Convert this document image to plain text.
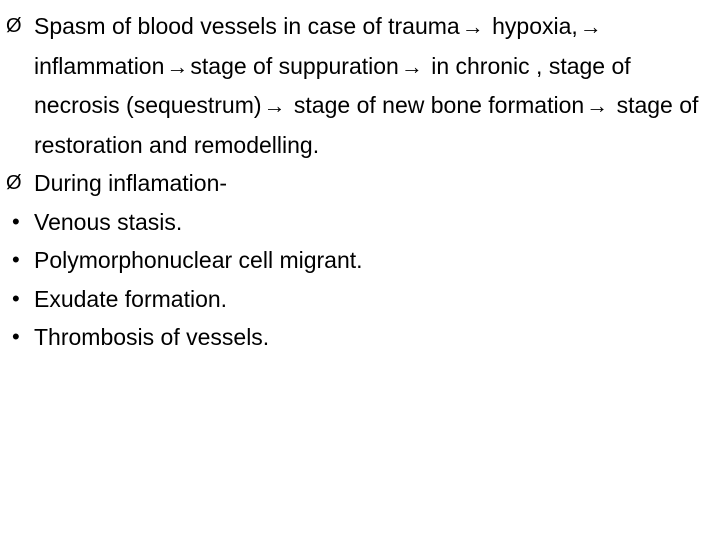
Ø Spasm of blood vessels in case of trauma→ hypoxia,→ inflammation→stage of suppuration→ in chronic , stage of necrosis (sequestrum)→ stage of new bone formation→ stage of restoration and remodelling.
Ø During inflamation-
• Venous stasis.
• Polymorphonuclear cell migrant.
• Exudate formation.
• Thrombosis of vessels.
